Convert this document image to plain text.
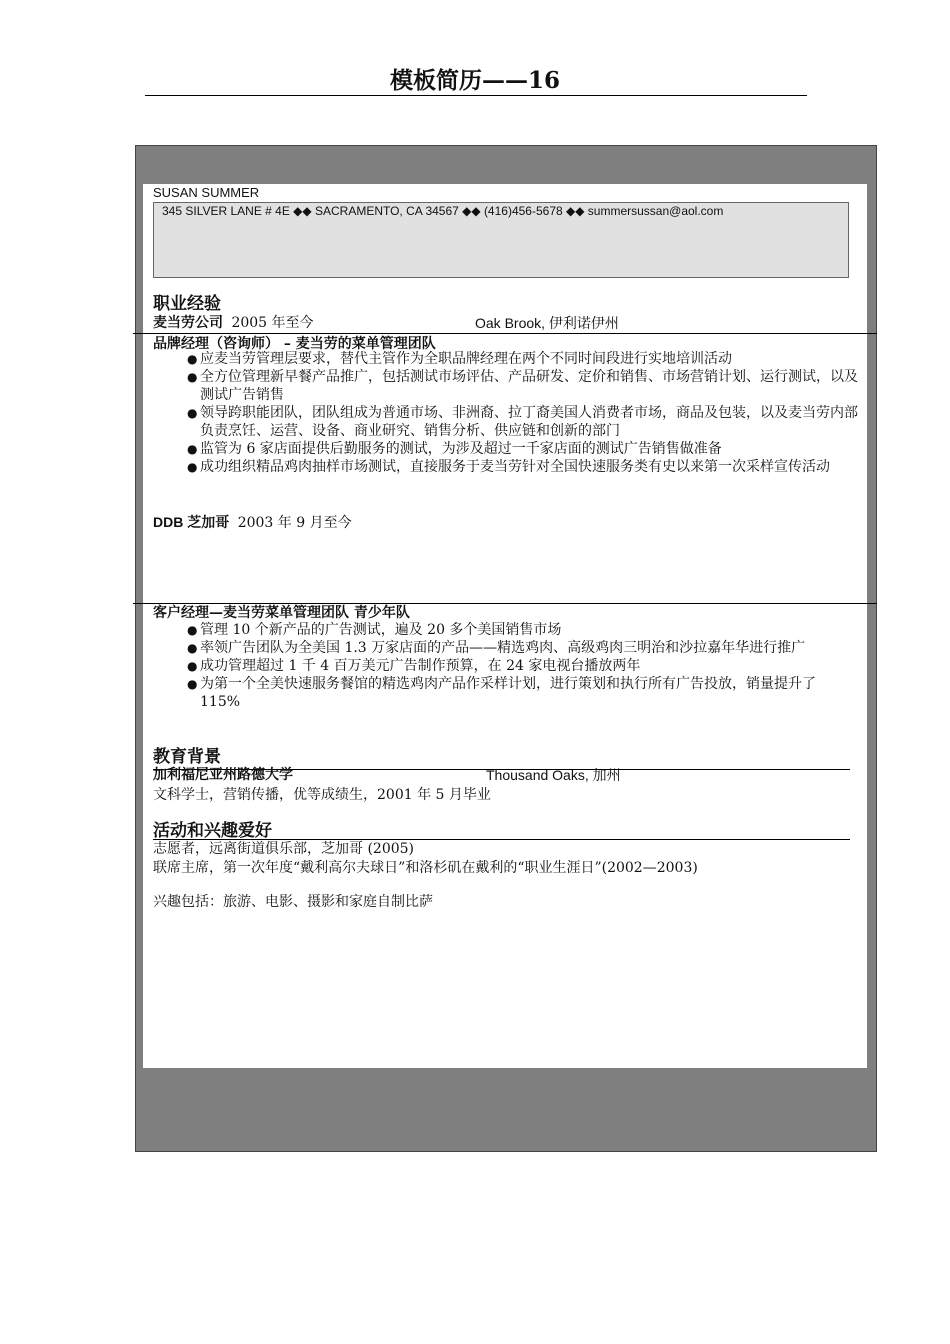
模板简历——16
SUSAN SUMMER
345 SILVER LANE # 4E ◆◆ SACRAMENTO, CA 34567 ◆◆ (416)456-5678 ◆◆ summersussan@aol.com
职业经验
麦当劳公司 2005 年至今	Oak Brook, 伊利诺伊州
品牌经理（咨询师） – 麦当劳的菜单管理团队
● 应麦当劳管理层要求，替代主管作为全职品牌经理在两个不同时间段进行实地培训活动
● 全方位管理新早餐产品推广，包括测试市场评估、产品研发、定价和销售、市场营销计划、运行测试，以及测试广告销售
● 领导跨职能团队，团队组成为普通市场、非洲裔、拉丁裔美国人消费者市场，商品及包装，以及麦当劳内部负责烹饪、运营、设备、商业研究、销售分析、供应链和创新的部门
● 监管为 6 家店面提供后勤服务的测试，为涉及超过一千家店面的测试广告销售做准备
● 成功组织精品鸡肉抽样市场测试，直接服务于麦当劳针对全国快速服务类有史以来第一次采样宣传活动
DDB 芝加哥 2003 年 9 月至今
客户经理—麦当劳菜单管理团队 青少年队
● 管理 10 个新产品的广告测试，遍及 20 多个美国销售市场
● 率领广告团队为全美国 1.3 万家店面的产品——精选鸡肉、高级鸡肉三明治和沙拉嘉年华进行推广
● 成功管理超过 1 千 4 百万美元广告制作预算，在 24 家电视台播放两年
● 为第一个全美快速服务餐馆的精选鸡肉产品作采样计划，进行策划和执行所有广告投放，销量提升了 115%
教育背景
加利福尼亚州路德大学	Thousand Oaks, 加州
文科学士，营销传播，优等成绩生，2001 年 5 月毕业
活动和兴趣爱好
志愿者，远离街道俱乐部，芝加哥 (2005)
联席主席，第一次年度“戴利高尔夫球日”和洛杉矶在戴利的“职业生涯日”(2002—2003)
兴趣包括：旅游、电影、摄影和家庭自制比萨
